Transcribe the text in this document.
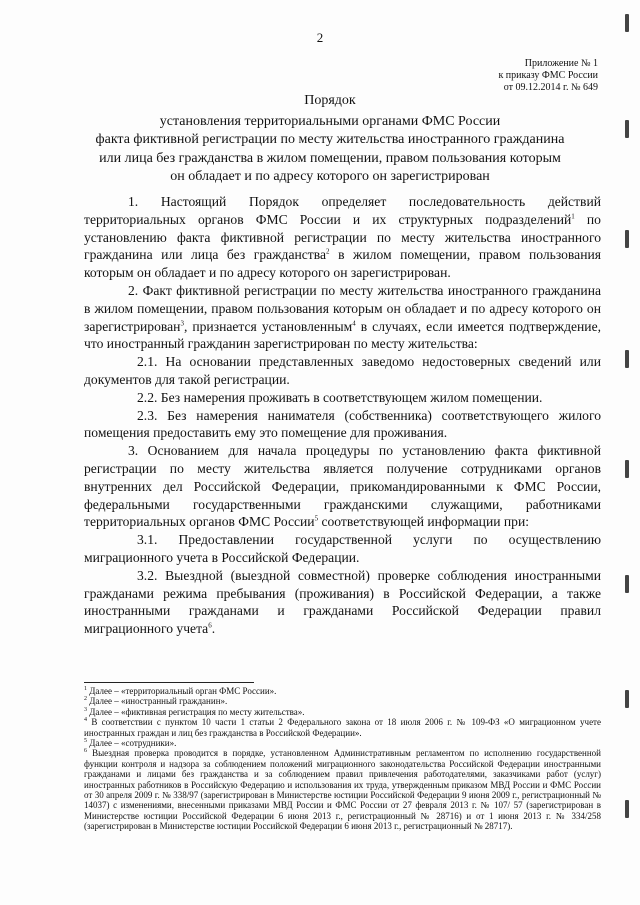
2
Приложение № 1
к приказу ФМС России
от 09.12.2014 г. № 649
Порядок
установления территориальными органами ФМС России
факта фиктивной регистрации по месту жительства иностранного гражданина
или лица без гражданства в жилом помещении, правом пользования которым
он обладает и по адресу которого он зарегистрирован

1. Настоящий Порядок определяет последовательность действий территориальных органов ФМС России и их структурных подразделений$^1$ по установлению факта фиктивной регистрации по месту жительства иностранного гражданина или лица без гражданства$^2$ в жилом помещении, правом пользования которым он обладает и по адресу которого он зарегистрирован.

2. Факт фиктивной регистрации по месту жительства иностранного гражданина в жилом помещении, правом пользования которым он обладает и по адресу которого он зарегистрирован$^3$, признается установленным$^4$ в случаях, если имеется подтверждение, что иностранный гражданин зарегистрирован по месту жительства:

2.1. На основании представленных заведомо недостоверных сведений или документов для такой регистрации.

2.2. Без намерения проживать в соответствующем жилом помещении.

2.3. Без намерения нанимателя (собственника) соответствующего жилого помещения предоставить ему это помещение для проживания.

3. Основанием для начала процедуры по установлению факта фиктивной регистрации по месту жительства является получение сотрудниками органов внутренних дел Российской Федерации, прикомандированными к ФМС России, федеральными государственными гражданскими служащими, работниками территориальных органов ФМС России$^5$ соответствующей информации при:

3.1. Предоставлении государственной услуги по осуществлению миграционного учета в Российской Федерации.

3.2. Выездной (выездной совместной) проверке соблюдения иностранными гражданами режима пребывания (проживания) в Российской Федерации, а также иностранными гражданами и гражданами Российской Федерации правил миграционного учета$^6$.

$^1$ Далее – «территориальный орган ФМС России».

$^2$ Далее – «иностранный гражданин».

$^3$ Далее – «фиктивная регистрация по месту жительства».

$^4$ В соответствии с пунктом 10 части 1 статьи 2 Федерального закона от 18 июля 2006 г. № 109-ФЗ «О миграционном учете иностранных граждан и лиц без гражданства в Российской Федерации».

$^5$ Далее – «сотрудники».

$^6$ Выездная проверка проводится в порядке, установленном Административным регламентом по исполнению государственной функции контроля и надзора за соблюдением положений миграционного законодательства Российской Федерации иностранными гражданами и лицами без гражданства и за соблюдением правил привлечения работодателями, заказчиками работ (услуг) иностранных работников в Российскую Федерацию и использования их труда, утвержденным приказом МВД России и ФМС России от 30 апреля 2009 г. № 338/97 (зарегистрирован в Министерстве юстиции Российской Федерации 9 июня 2009 г., регистрационный № 14037) с изменениями, внесенными приказами МВД России и ФМС России от 27 февраля 2013 г. № 107/ 57 (зарегистрирован в Министерстве юстиции Российской Федерации 6 июня 2013 г., регистрационный № 28716) и от 1 июня 2013 г. № 334/258 (зарегистрирован в Министерстве юстиции Российской Федерации 6 июня 2013 г., регистрационный № 28717).
